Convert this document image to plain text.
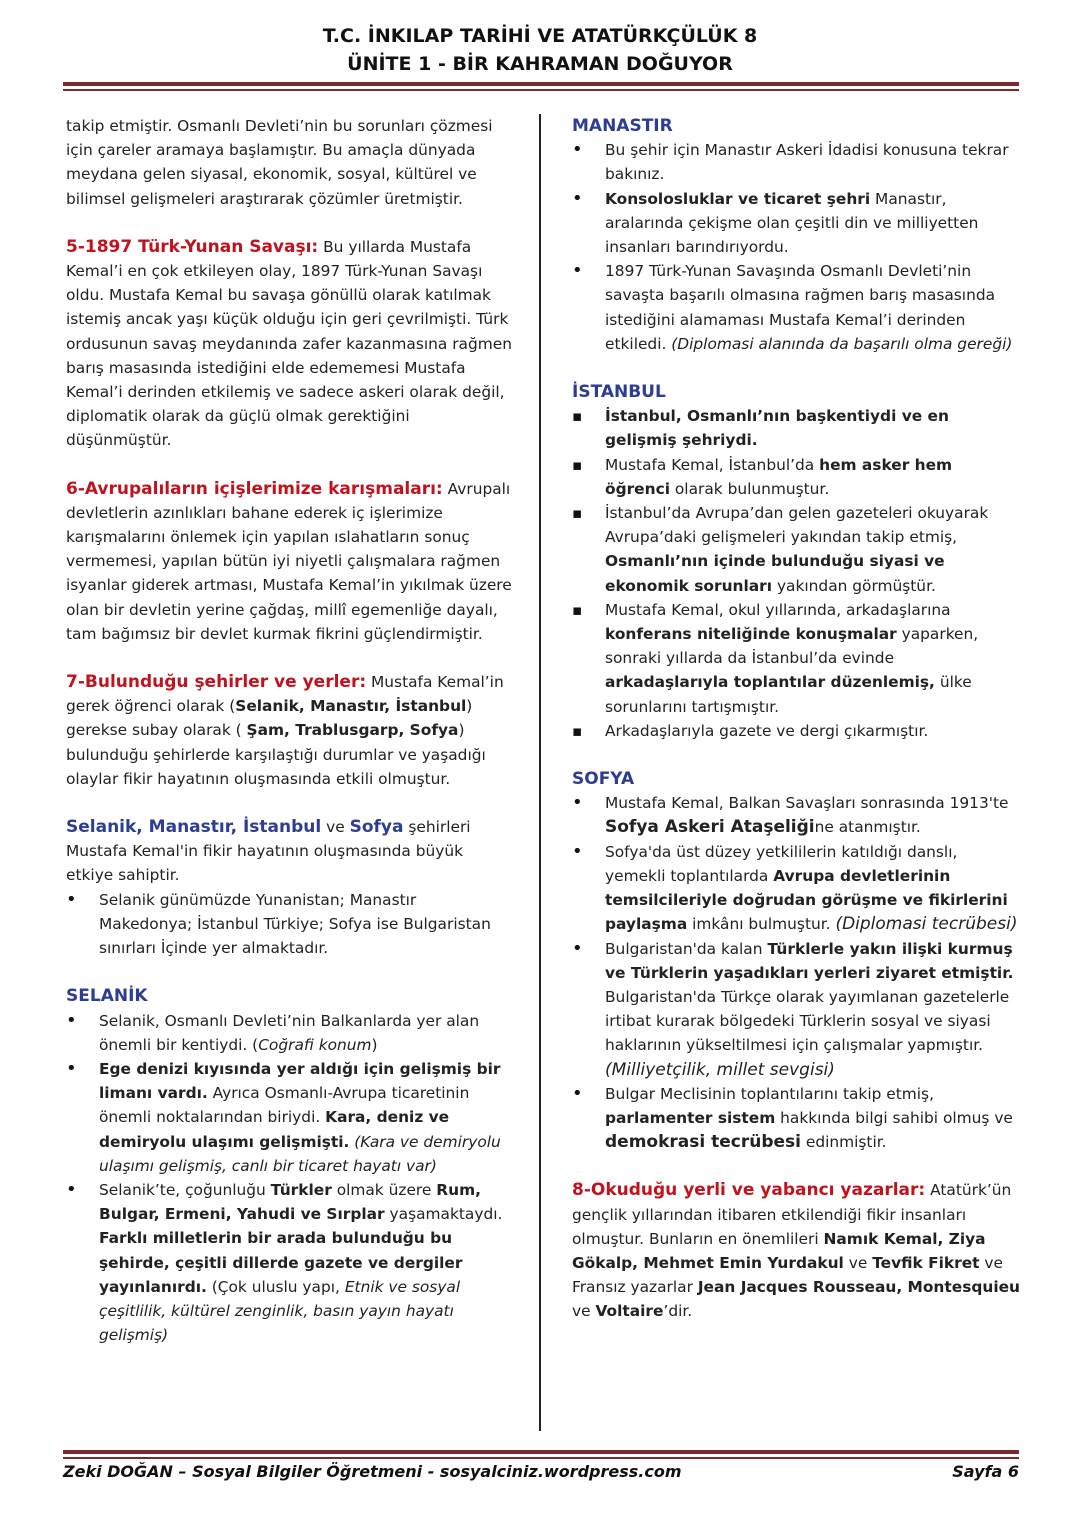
T.C. İNKILAP TARİHİ VE ATATÜRKÇÜLÜK 8
ÜNİTE 1 - BİR KAHRAMAN DOĞUYOR

takip etmiştir. Osmanlı Devleti’nin bu sorunları çözmesi için çareler aramaya başlamıştır. Bu amaçla dünyada meydana gelen siyasal, ekonomik, sosyal, kültürel ve bilimsel gelişmeleri araştırarak çözümler üretmiştir.

5-1897 Türk-Yunan Savaşı: Bu yıllarda Mustafa Kemal’i en çok etkileyen olay, 1897 Türk-Yunan Savaşı oldu. Mustafa Kemal bu savaşa gönüllü olarak katılmak istemiş ancak yaşı küçük olduğu için geri çevrilmişti. Türk ordusunun savaş meydanında zafer kazanmasına rağmen barış masasında istediğini elde edememesi Mustafa Kemal’i derinden etkilemiş ve sadece askeri olarak değil, diplomatik olarak da güçlü olmak gerektiğini düşünmüştür.

6-Avrupalıların içişlerimize karışmaları: Avrupalı devletlerin azınlıkları bahane ederek iç işlerimize karışmalarını önlemek için yapılan ıslahatların sonuç vermemesi, yapılan bütün iyi niyetli çalışmalara rağmen isyanlar giderek artması, Mustafa Kemal’in yıkılmak üzere olan bir devletin yerine çağdaş, millî egemenliğe dayalı, tam bağımsız bir devlet kurmak fikrini güçlendirmiştir.

7-Bulunduğu şehirler ve yerler: Mustafa Kemal’in gerek öğrenci olarak (Selanik, Manastır, İstanbul) gerekse subay olarak ( Şam, Trablusgarp, Sofya) bulunduğu şehirlerde karşılaştığı durumlar ve yaşadığı olaylar fikir hayatının oluşmasında etkili olmuştur.

Selanik, Manastır, İstanbul ve Sofya şehirleri Mustafa Kemal'in fikir hayatının oluşmasında büyük etkiye sahiptir.

• Selanik günümüzde Yunanistan; Manastır Makedonya; İstanbul Türkiye; Sofya ise Bulgaristan sınırları İçinde yer almaktadır.

SELANİK

• Selanik, Osmanlı Devleti’nin Balkanlarda yer alan önemli bir kentiydi. (Coğrafi konum)
• Ege denizi kıyısında yer aldığı için gelişmiş bir limanı vardı. Ayrıca Osmanlı-Avrupa ticaretinin önemli noktalarından biriydi. Kara, deniz ve demiryolu ulaşımı gelişmişti. (Kara ve demiryolu ulaşımı gelişmiş, canlı bir ticaret hayatı var)
• Selanik’te, çoğunluğu Türkler olmak üzere Rum, Bulgar, Ermeni, Yahudi ve Sırplar yaşamaktaydı. Farklı milletlerin bir arada bulunduğu bu şehirde, çeşitli dillerde gazete ve dergiler yayınlanırdı. (Çok uluslu yapı, Etnik ve sosyal çeşitlilik, kültürel zenginlik, basın yayın hayatı gelişmiş)

MANASTIR

• Bu şehir için Manastır Askeri İdadisi konusuna tekrar bakınız.
• Konsolosluklar ve ticaret şehri Manastır, aralarında çekişme olan çeşitli din ve milliyetten insanları barındırıyordu.
• 1897 Türk-Yunan Savaşında Osmanlı Devleti’nin savaşta başarılı olmasına rağmen barış masasında istediğini alamaması Mustafa Kemal’i derinden etkiledi. (Diplomasi alanında da başarılı olma gereği)

İSTANBUL

▪ İstanbul, Osmanlı’nın başkentiydi ve en gelişmiş şehriydi.
▪ Mustafa Kemal, İstanbul’da hem asker hem öğrenci olarak bulunmuştur.
▪ İstanbul’da Avrupa’dan gelen gazeteleri okuyarak Avrupa’daki gelişmeleri yakından takip etmiş, Osmanlı’nın içinde bulunduğu siyasi ve ekonomik sorunları yakından görmüştür.
▪ Mustafa Kemal, okul yıllarında, arkadaşlarına konferans niteliğinde konuşmalar yaparken, sonraki yıllarda da İstanbul’da evinde arkadaşlarıyla toplantılar düzenlemiş, ülke sorunlarını tartışmıştır.
▪ Arkadaşlarıyla gazete ve dergi çıkarmıştır.

SOFYA

• Mustafa Kemal, Balkan Savaşları sonrasında 1913'te Sofya Askeri Ataşeliğine atanmıştır.
• Sofya'da üst düzey yetkililerin katıldığı danslı, yemekli toplantılarda Avrupa devletlerinin temsilcileriyle doğrudan görüşme ve fikirlerini paylaşma imkânı bulmuştur. (Diplomasi tecrübesi)
• Bulgaristan'da kalan Türklerle yakın ilişki kurmuş ve Türklerin yaşadıkları yerleri ziyaret etmiştir. Bulgaristan'da Türkçe olarak yayımlanan gazetelerle irtibat kurarak bölgedeki Türklerin sosyal ve siyasi haklarının yükseltilmesi için çalışmalar yapmıştır. (Milliyetçilik, millet sevgisi)
• Bulgar Meclisinin toplantılarını takip etmiş, parlamenter sistem hakkında bilgi sahibi olmuş ve demokrasi tecrübesi edinmiştir.

8-Okuduğu yerli ve yabancı yazarlar: Atatürk’ün gençlik yıllarından itibaren etkilendiği fikir insanları olmuştur. Bunların en önemlileri Namık Kemal, Ziya Gökalp, Mehmet Emin Yurdakul ve Tevfik Fikret ve Fransız yazarlar Jean Jacques Rousseau, Montesquieu ve Voltaire’dir.

Zeki DOĞAN – Sosyal Bilgiler Öğretmeni - sosyalciniz.wordpress.com	Sayfa 6
